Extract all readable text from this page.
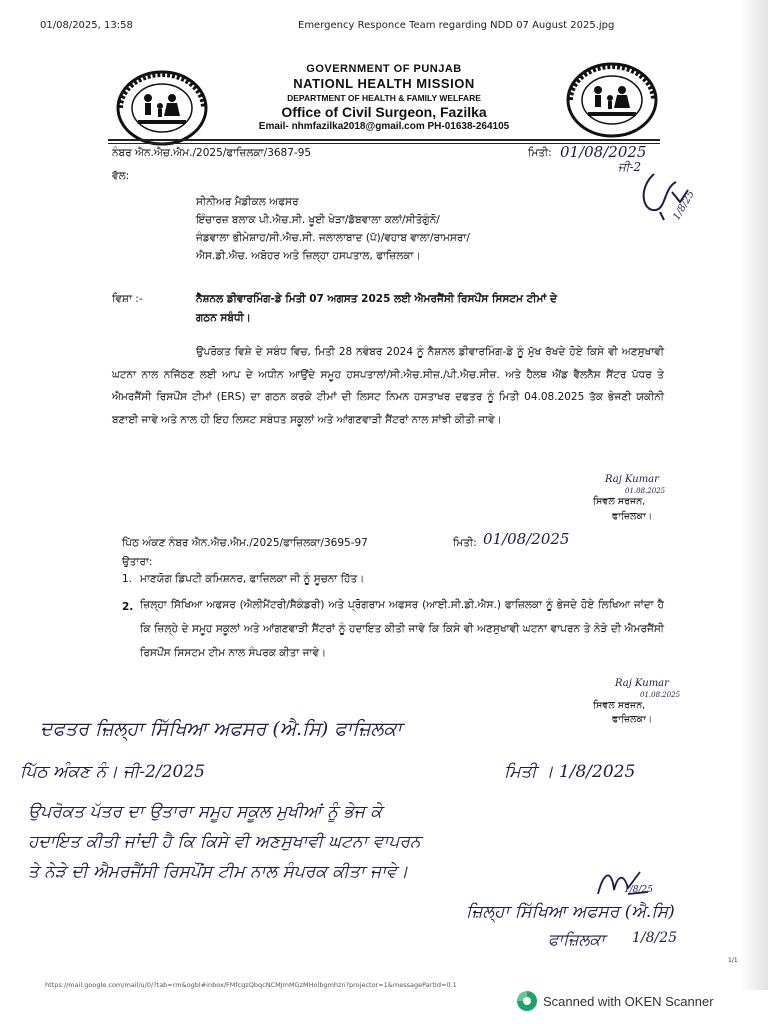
01/08/2025, 13:58	Emergency Responce Team regarding NDD 07 August 2025.jpg
GOVERNMENT OF PUNJAB
NATIONL HEALTH MISSION
DEPARTMENT OF HEALTH & FAMILY WELFARE
Office of Civil Surgeon, Fazilka
Email- nhmfazilka2018@gmail.com PH-01638-264105
ਨੰਬਰ ਐਨ.ਐਚ.ਐਮ./2025/ਫਾਜ਼ਿਲਕਾ/3687-95	ਮਿਤੀ: 01/08/2025
ਜੀ-2
1/8/25
ਵੱਲ:
ਸੀਨੀਅਰ ਮੈਡੀਕਲ ਅਫਸਰ
ਇੰਚਾਰਜ਼ ਬਲਾਕ ਪੀ.ਐਚ.ਸੀ. ਖੂਈ ਖੇੜਾ/ਡੱਬਵਾਲਾ ਕਲਾਂ/ਸੀਤੋਗੁੰਨੋ/
ਜੰਡਵਾਲਾ ਭੀਮੇਸ਼ਾਹ/ਸੀ.ਐਚ.ਸੀ. ਜਲਾਲਾਬਾਦ (ਪੱ)/ਵਹਾਬ ਵਾਲਾ/ਰਾਮਸਰਾ/
ਐਸ.ਡੀ.ਐਚ. ਅਬੋਹਰ ਅਤੇ ਜ਼ਿਲ੍ਹਾ ਹਸਪਤਾਲ, ਫਾਜ਼ਿਲਕਾ।
ਵਿਸ਼ਾ :-	ਨੈਸ਼ਨਲ ਡੀਵਾਰਮਿੰਗ-ਡੇ ਮਿਤੀ 07 ਅਗਸਤ 2025 ਲਈ ਐਮਰਜੈਂਸੀ ਰਿਸਪੌਂਸ ਸਿਸਟਮ ਟੀਮਾਂ ਦੇ
ਗਠਨ ਸਬੰਧੀ।
ਉਪਰੋਕਤ ਵਿਸ਼ੇ ਦੇ ਸਬੰਧ ਵਿਚ, ਮਿਤੀ 28 ਨਵੰਬਰ 2024 ਨੂੰ ਨੈਸ਼ਨਲ ਡੀਵਾਰਮਿੰਗ-ਡੇ ਨੂੰ ਮੁੱਖ ਰੱਖਦੇ ਹੋਏ ਕਿਸੇ ਵੀ ਅਣਸੁਖਾਵੀ ਘਟਨਾ ਨਾਲ ਨਜਿੱਠਣ ਲਈ ਆਪ ਦੇ ਅਧੀਨ ਆਉਂਦੇ ਸਮੂਹ ਹਸਪਤਾਲਾਂ/ਸੀ.ਐਚ.ਸੀਜ਼./ਪੀ.ਐਚ.ਸੀਜ਼. ਅਤੇ ਹੈਲਥ ਐਂਡ ਵੈਲਨੈਸ ਸੈਂਟਰ ਪੱਧਰ ਤੇ ਐਮਰਜੈਂਸੀ ਰਿਸਪੌਂਸ ਟੀਮਾਂ (ERS) ਦਾ ਗਠਨ ਕਰਕੇ ਟੀਮਾਂ ਦੀ ਲਿਸਟ ਨਿਮਨ ਹਸਤਾਖਰ ਦਫਤਰ ਨੂੰ ਮਿਤੀ 04.08.2025 ਤੱਕ ਭੇਜਣੀ ਯਕੀਨੀ ਬਣਾਈ ਜਾਵੇ ਅਤੇ ਨਾਲ ਹੀ ਇਹ ਲਿਸਟ ਸਬੰਧਤ ਸਕੂਲਾਂ ਅਤੇ ਆਂਗਣਵਾੜੀ ਸੈਂਟਰਾਂ ਨਾਲ ਸਾਂਝੀ ਕੀਤੀ ਜਾਵੇ।
Raj Kumar
01.08.2025
ਸਿਵਲ ਸਰਜਨ,
ਫਾਜ਼ਿਲਕਾ।
ਪਿੱਠ ਅੰਕਣ ਨੰਬਰ ਐਨ.ਐਚ.ਐਮ./2025/ਫਾਜ਼ਿਲਕਾ/3695-97	ਮਿਤੀ: 01/08/2025
ਉਤਾਰਾ:
1. ਮਾਣਯੋਗ ਡਿਪਟੀ ਕਮਿਸ਼ਨਰ, ਫਾਜ਼ਿਲਕਾ ਜੀ ਨੂੰ ਸੂਚਨਾ ਹਿੱਤ।
2. ਜ਼ਿਲ੍ਹਾ ਸਿੱਖਿਆ ਅਫਸਰ (ਐਲੀਮੈਂਟਰੀ/ਸੈਕੰਡਰੀ) ਅਤੇ ਪ੍ਰੋਗਰਾਮ ਅਫਸਰ (ਆਈ.ਸੀ.ਡੀ.ਐਸ.) ਫਾਜ਼ਿਲਕਾ ਨੂੰ ਭੇਜਦੇ ਹੋਏ ਲਿਖਿਆ ਜਾਂਦਾ ਹੈ ਕਿ ਜ਼ਿਲ੍ਹੇ ਦੇ ਸਮੂਹ ਸਕੂਲਾਂ ਅਤੇ ਆਂਗਣਵਾੜੀ ਸੈਂਟਰਾਂ ਨੂੰ ਹਦਾਇਤ ਕੀਤੀ ਜਾਵੇ ਕਿ ਕਿਸੇ ਵੀ ਅਣਸੁਖਾਵੀ ਘਟਨਾ ਵਾਪਰਨ ਤੇ ਨੇੜੇ ਦੀ ਐਮਰਜੈਂਸੀ ਰਿਸਪੌਂਸ ਸਿਸਟਮ ਟੀਮ ਨਾਲ ਸੰਪਰਕ ਕੀਤਾ ਜਾਵੇ।
Raj Kumar
01.08.2025
ਸਿਵਲ ਸਰਜਨ,
ਫਾਜ਼ਿਲਕਾ।
ਦਫਤਰ ਜ਼ਿਲ੍ਹਾ ਸਿੱਖਿਆ ਅਫਸਰ (ਐ.ਸਿ) ਫਾਜ਼ਿਲਕਾ
ਪਿੱਠ ਅੰਕਣ ਨੰ। ਜੀ-2/2025	ਮਿਤੀ । 1/8/2025
ਉਪਰੋਕਤ ਪੱਤਰ ਦਾ ਉਤਾਰਾ ਸਮੂਹ ਸਕੂਲ ਮੁਖੀਆਂ ਨੂੰ ਭੇਜ ਕੇ
ਹਦਾਇਤ ਕੀਤੀ ਜਾਂਦੀ ਹੈ ਕਿ ਕਿਸੇ ਵੀ ਅਣਸੁਖਾਵੀ ਘਟਨਾ ਵਾਪਰਨ
ਤੇ ਨੇੜੇ ਦੀ ਐਮਰਜੈਂਸੀ ਰਿਸਪੌਂਸ ਟੀਮ ਨਾਲ ਸੰਪਰਕ ਕੀਤਾ ਜਾਵੇ।
1/8/25
ਜ਼ਿਲ੍ਹਾ ਸਿੱਖਿਆ ਅਫਸਰ (ਐ.ਸਿ)
ਫਾਜ਼ਿਲਕਾ 1/8/25
1/1
https://mail.google.com/mail/u/0/?tab=rm&ogbl#inbox/FMfcgzQbqcNCMJmMGzMHolbgmhzn?projector=1&messagePartId=0.1
Scanned with OKEN Scanner
